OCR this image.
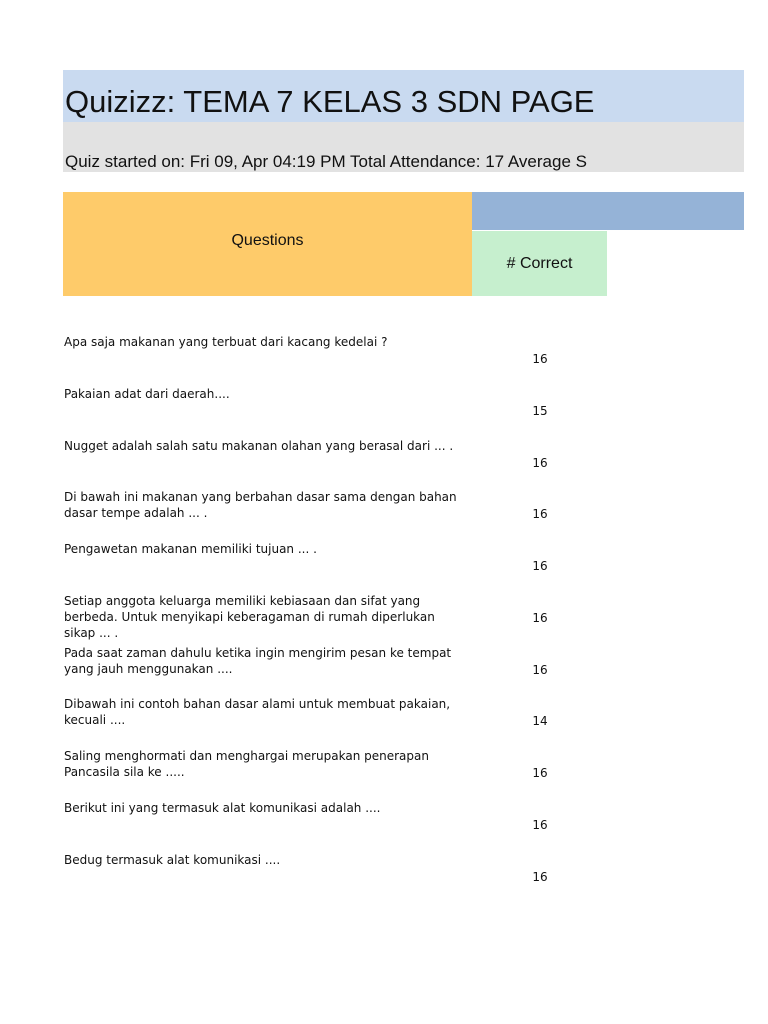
Quizizz: TEMA 7 KELAS 3 SDN PAGE
Quiz started on: Fri 09, Apr 04:19 PM Total Attendance: 17 Average S
Questions
# Correct
Apa saja makanan yang terbuat dari kacang kedelai ?
16
Pakaian adat dari daerah....
15
Nugget adalah salah satu makanan olahan yang berasal dari ... .
16
Di bawah ini makanan yang berbahan dasar sama dengan bahan dasar tempe adalah ... .	16
Pengawetan makanan memiliki tujuan ... .
16
Setiap anggota keluarga memiliki kebiasaan dan sifat yang berbeda. Untuk menyikapi keberagaman di rumah diperlukan sikap ... .
16
Pada saat zaman dahulu ketika ingin mengirim pesan ke tempat yang jauh menggunakan ....	16
Dibawah ini contoh bahan dasar alami untuk membuat pakaian, kecuali ....	14
Saling menghormati dan menghargai merupakan penerapan Pancasila sila ke .....	16
Berikut ini yang termasuk alat komunikasi adalah ....
16
Bedug termasuk alat komunikasi ....
16
